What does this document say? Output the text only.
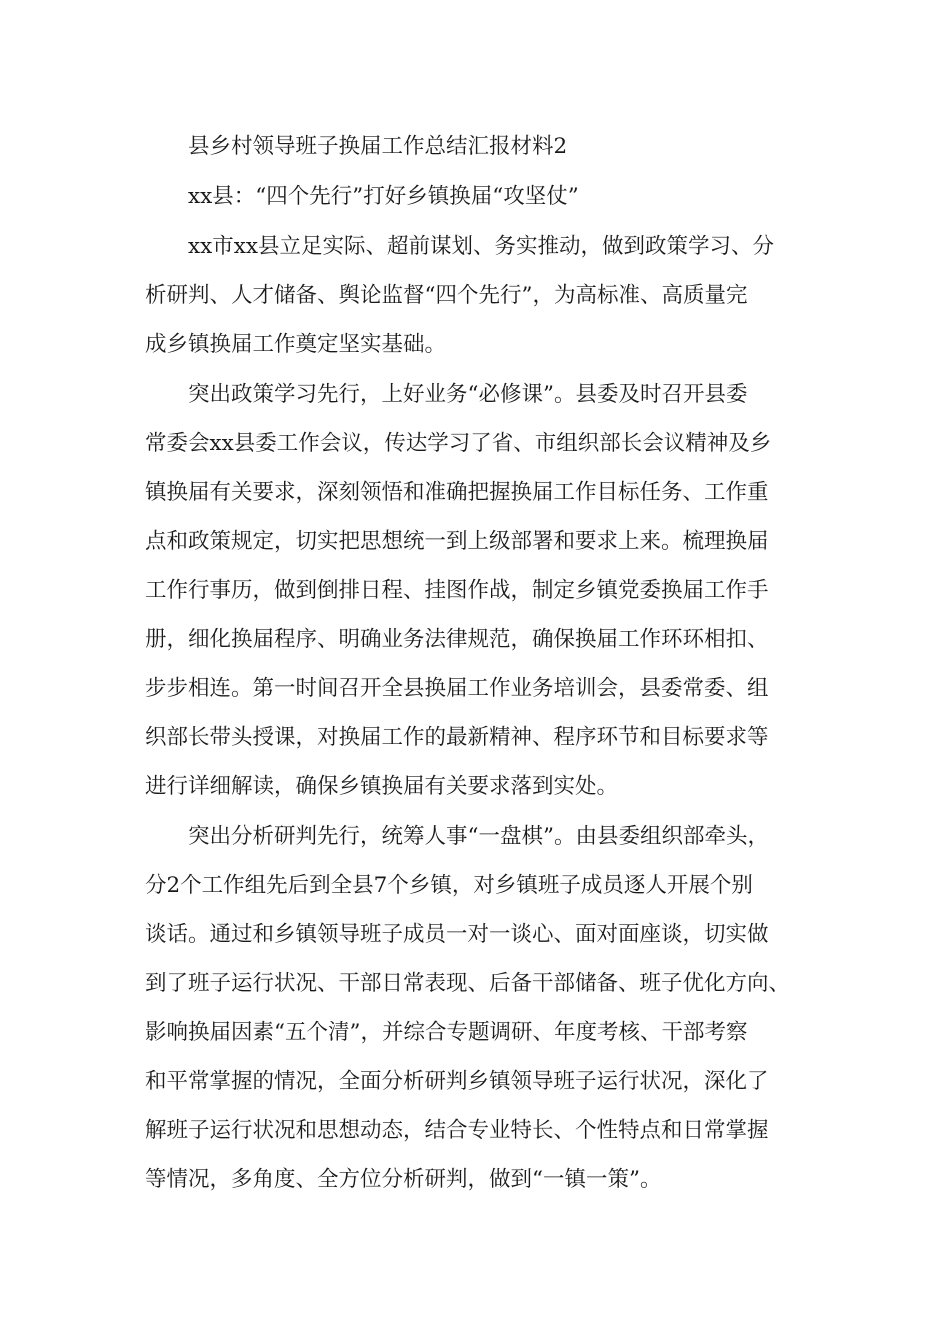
县乡村领导班子换届工作总结汇报材料2

xx县：“四个先行”打好乡镇换届“攻坚仗”

xx市xx县立足实际、超前谋划、务实推动，做到政策学习、分

析研判、人才储备、舆论监督“四个先行”，为高标准、高质量完

成乡镇换届工作奠定坚实基础。

突出政策学习先行，上好业务“必修课”。县委及时召开县委

常委会xx县委工作会议，传达学习了省、市组织部长会议精神及乡

镇换届有关要求，深刻领悟和准确把握换届工作目标任务、工作重

点和政策规定，切实把思想统一到上级部署和要求上来。梳理换届

工作行事历，做到倒排日程、挂图作战，制定乡镇党委换届工作手

册，细化换届程序、明确业务法律规范，确保换届工作环环相扣、

步步相连。第一时间召开全县换届工作业务培训会，县委常委、组

织部长带头授课，对换届工作的最新精神、程序环节和目标要求等

进行详细解读，确保乡镇换届有关要求落到实处。

突出分析研判先行，统筹人事“一盘棋”。由县委组织部牵头，

分2个工作组先后到全县7个乡镇，对乡镇班子成员逐人开展个别

谈话。通过和乡镇领导班子成员一对一谈心、面对面座谈，切实做

到了班子运行状况、干部日常表现、后备干部储备、班子优化方向、

影响换届因素“五个清”，并综合专题调研、年度考核、干部考察

和平常掌握的情况，全面分析研判乡镇领导班子运行状况，深化了

解班子运行状况和思想动态，结合专业特长、个性特点和日常掌握

等情况，多角度、全方位分析研判，做到“一镇一策”。
